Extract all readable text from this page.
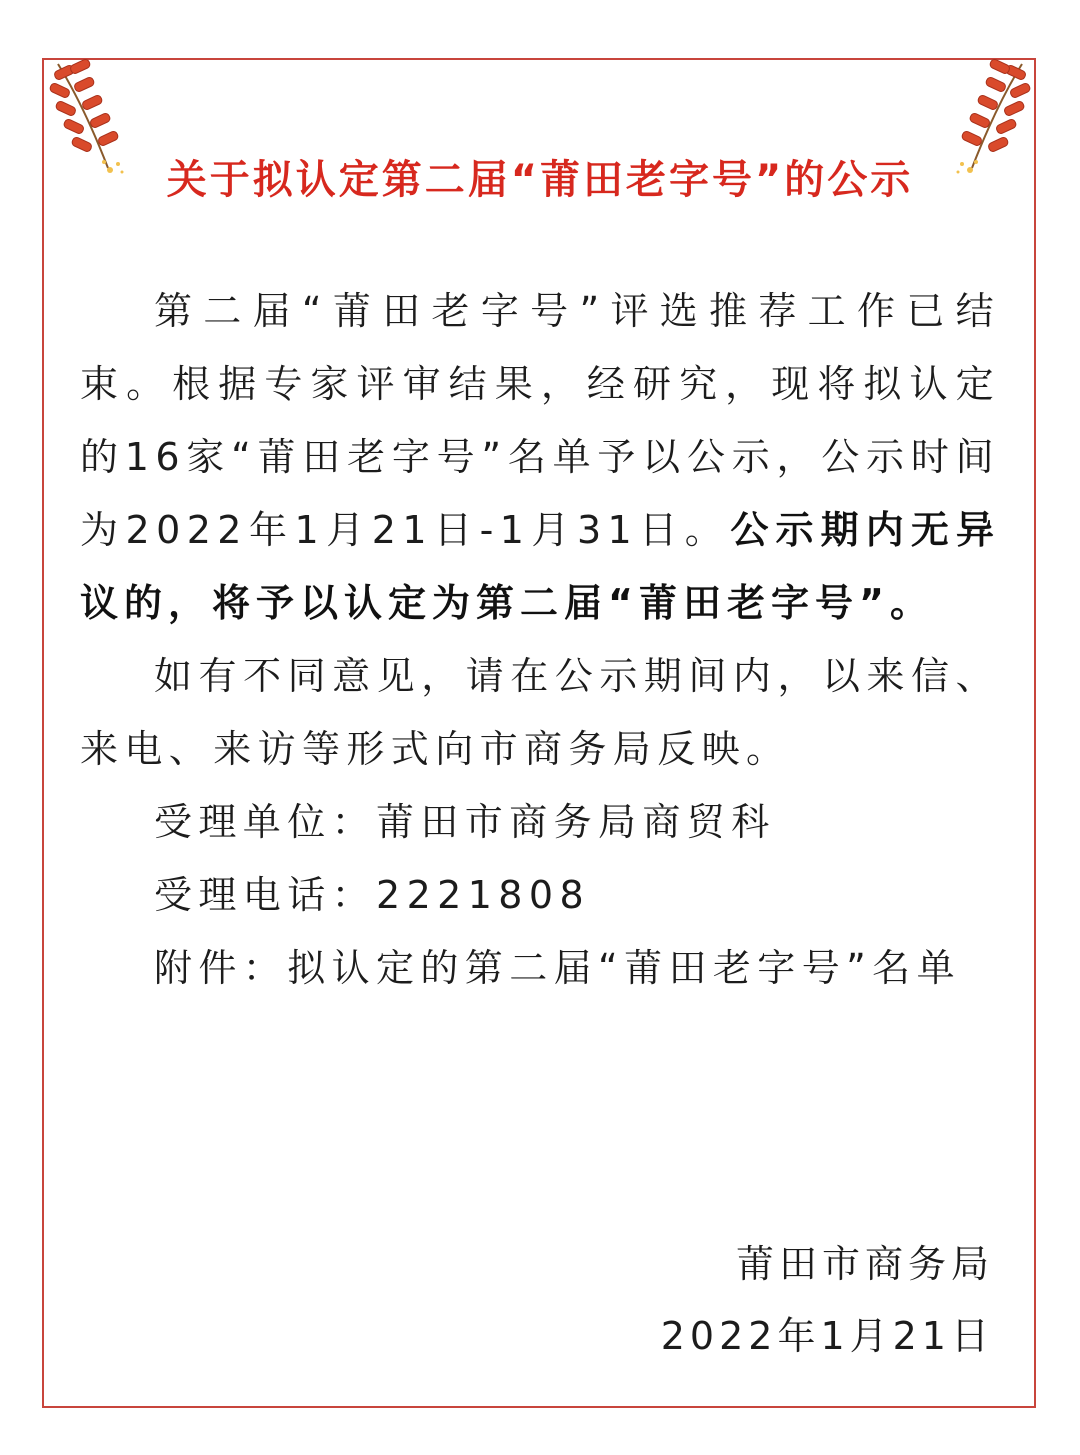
关于拟认定第二届“莆田老字号”的公示

第二届“莆田老字号”评选推荐工作已结束。根据专家评审结果，经研究，现将拟认定的16家“莆田老字号”名单予以公示，公示时间为2022年1月21日-1月31日。公示期内无异议的，将予以认定为第二届“莆田老字号”。

如有不同意见，请在公示期间内，以来信、来电、来访等形式向市商务局反映。

受理单位：莆田市商务局商贸科

受理电话：2221808

附件：拟认定的第二届“莆田老字号”名单

莆田市商务局
2022年1月21日
